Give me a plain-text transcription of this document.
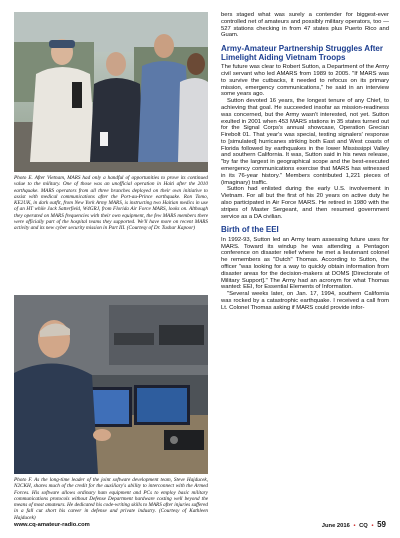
Photo E. After Vietnam, MARS had only a handful of opportunities to prove its continued value to the military. One of those was an unofficial operation in Haiti after the 2010 earthquake. MARS operators from all three branches deployed on their own initiative to assist with medical communications after the Port-au-Prince earthquake. Ron Tomo, KE2UK, in dark outfit, from New York Army MARS, is instructing two Haitian medics in use of an HT while Jack Satterfield, W4GRJ, from Florida Air Force MARS, looks on. Although they operated on MARS frequencies with their own equipment, the few MARS members there were officially part of the hospital teams they supported. We'll have more on recent MARS activity and its new cyber security mission in Part III. (Courtesy of Dr. Tushar Kapoor)
Photo F. As the long-time leader of the joint software development team, Steve Hajducek, N2CKH, shares much of the credit for the auxiliary's ability to interconnect with the Armed Forces. His software allows ordinary ham equipment and PCs to employ basic military communications protocols without Defense Department hardware costing well beyond the means of most amateurs. He dedicated his code-writing skills to MARS after injuries suffered in a fall cut short his career in defense and private industry. (Courtesy of Kathleen Hajducek)

bers staged what was surely a contender for biggest-ever controlled net of amateurs and possibly military operators, too — 527 stations checking in from 47 states plus Puerto Rico and Guam.

Army-Amateur Partnership Struggles After Limelight Aiding Vietnam Troops

The future was clear to Robert Sutton, a Department of the Army civil servant who led AMARS from 1989 to 2005. "If MARS was to survive the cutbacks, it needed to refocus on its primary mission, emergency communications," he said in an interview some years ago.

Sutton devoted 16 years, the longest tenure of any Chief, to achieving that goal. He succeeded insofar as mission-readiness was concerned, but the Army wasn't interested, not yet. Sutton exulted in 2001 when 453 MARS stations in 35 states turned out for the Signal Corps's annual showcase, Operation Grecian Firebolt 01. That year's was special, testing signalers' response to [simulated] hurricanes striking both East and West coasts of Florida followed by earthquakes in the lower Mississippi Valley and southern California. It was, Sutton said in his news release, "by far the largest in geographical scope and the best-executed emergency communications exercise that MARS has witnessed in its 76-year history." Members contributed 1,221 pieces of (imaginary) traffic.

Sutton had enlisted during the early U.S. involvement in Vietnam. For all but the first of his 20 years on active duty he also participated in Air Force MARS. He retired in 1980 with the stripes of Master Sergeant, and then resumed government service as a DA civilian.

Birth of the EEI

In 1992-93, Sutton led an Army team assessing future uses for MARS. Toward its windup he was attending a Pentagon conference on disaster relief where he met a lieutenant colonel he remembers as "Dutch" Thomas. According to Sutton, the officer "was looking for a way to quickly obtain information from disaster areas for the decision-makers at DOMS [Directorate of Military Support]." The Army had an acronym for what Thomas wanted: EEI, for Essential Elements of Information.

"Several weeks later, on Jan. 17, 1994, southern California was rocked by a catastrophic earthquake. I received a call from Lt. Colonel Thomas asking if MARS could provide infor-

www.cq-amateur-radio.com	June 2016 • CQ • 59
